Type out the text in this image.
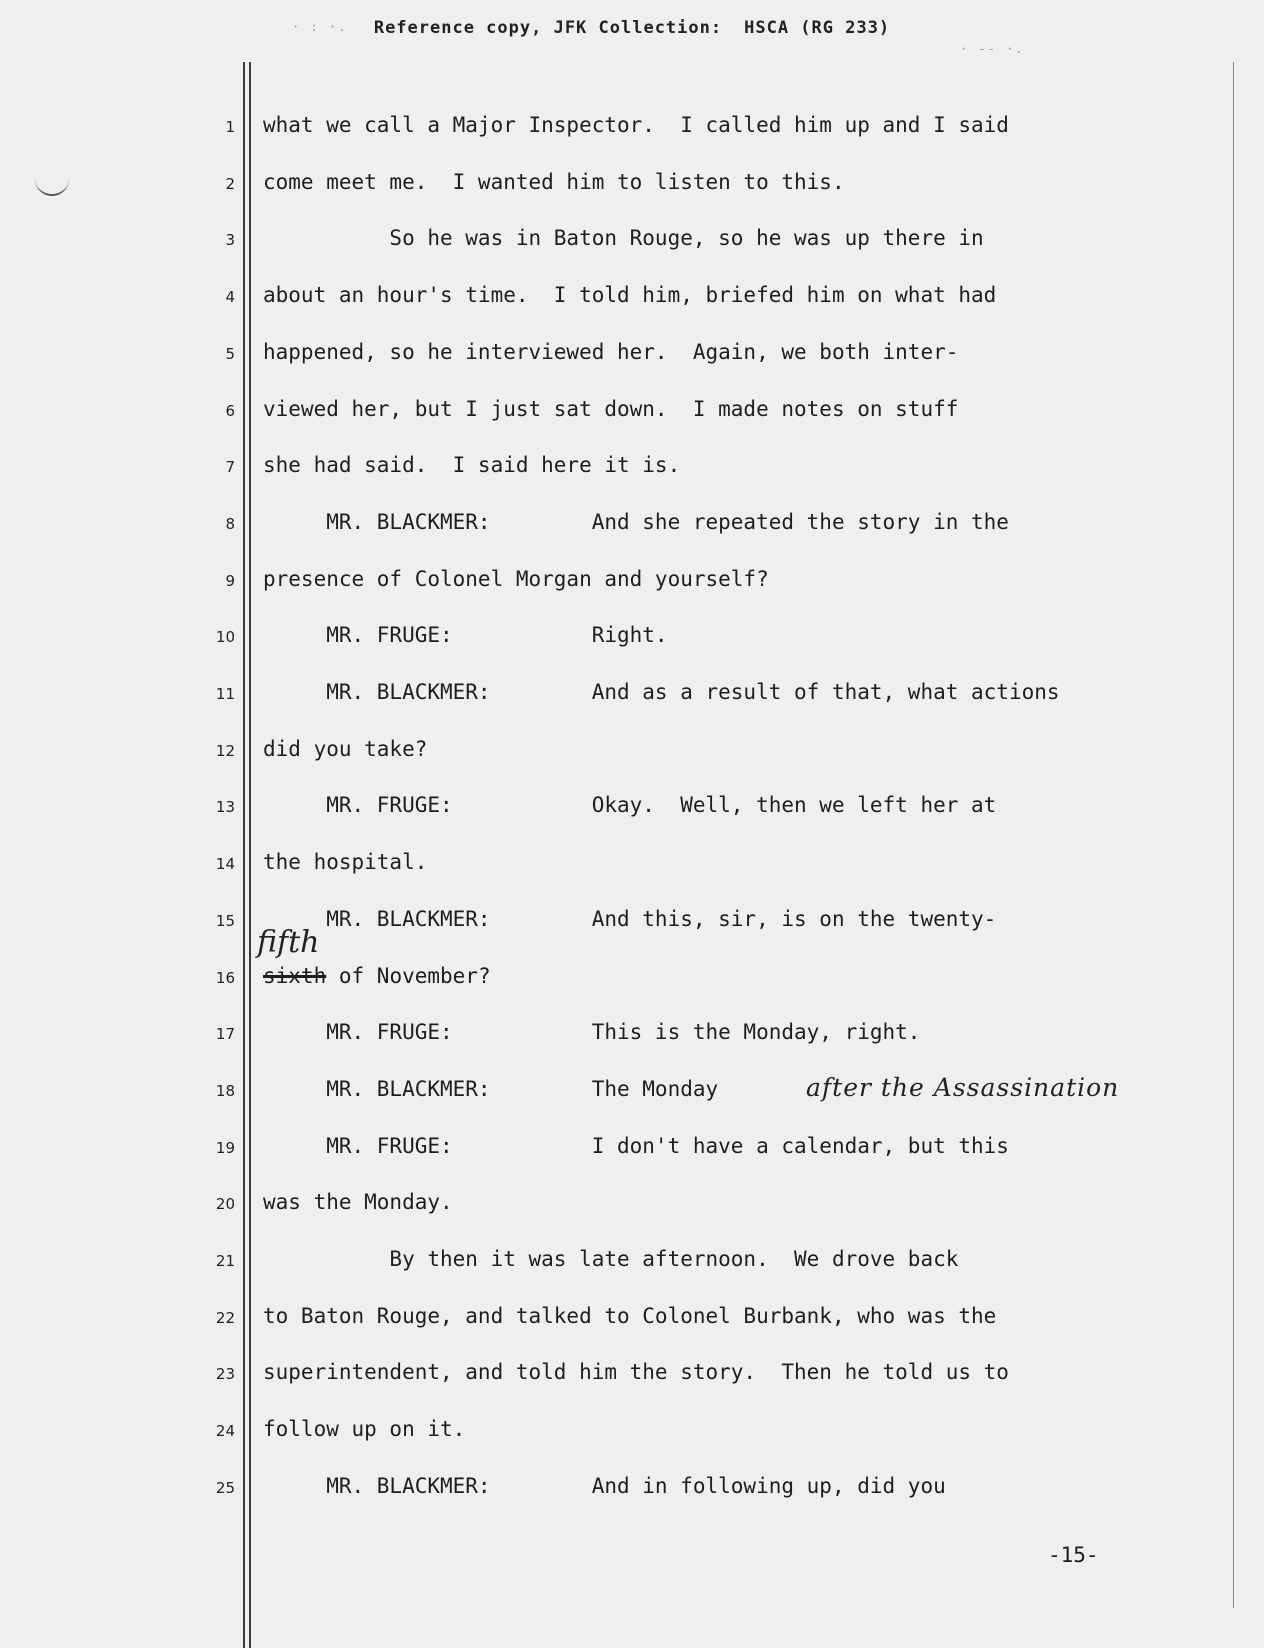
Reference copy, JFK Collection: HSCA (RG 233)
· : ·.
· ‐‐ ·.
1 what we call a Major Inspector.  I called him up and I said
2 come meet me.  I wanted him to listen to this.
3 So he was in Baton Rouge, so he was up there in
4 about an hour's time.  I told him, briefed him on what had
5 happened, so he interviewed her.  Again, we both inter-
6 viewed her, but I just sat down.  I made notes on stuff
7 she had said.  I said here it is.
8 MR. BLACKMER:        And she repeated the story in the
9 presence of Colonel Morgan and yourself?
10 MR. FRUGE:           Right.
11 MR. BLACKMER:        And as a result of that, what actions
12 did you take?
13 MR. FRUGE:           Okay.  Well, then we left her at
14 the hospital.
15 MR. BLACKMER:        And this, sir, is on the twenty-
16 sixth of November?
17 MR. FRUGE:           This is the Monday, right.
18 MR. BLACKMER:        The Monday
19 MR. FRUGE:           I don't have a calendar, but this
20 was the Monday.
21 By then it was late afternoon.  We drove back
22 to Baton Rouge, and talked to Colonel Burbank, who was the
23 superintendent, and told him the story.  Then he told us to
24 follow up on it.
25 MR. BLACKMER:        And in following up, did you
fifth
after the Assassination
-15-
